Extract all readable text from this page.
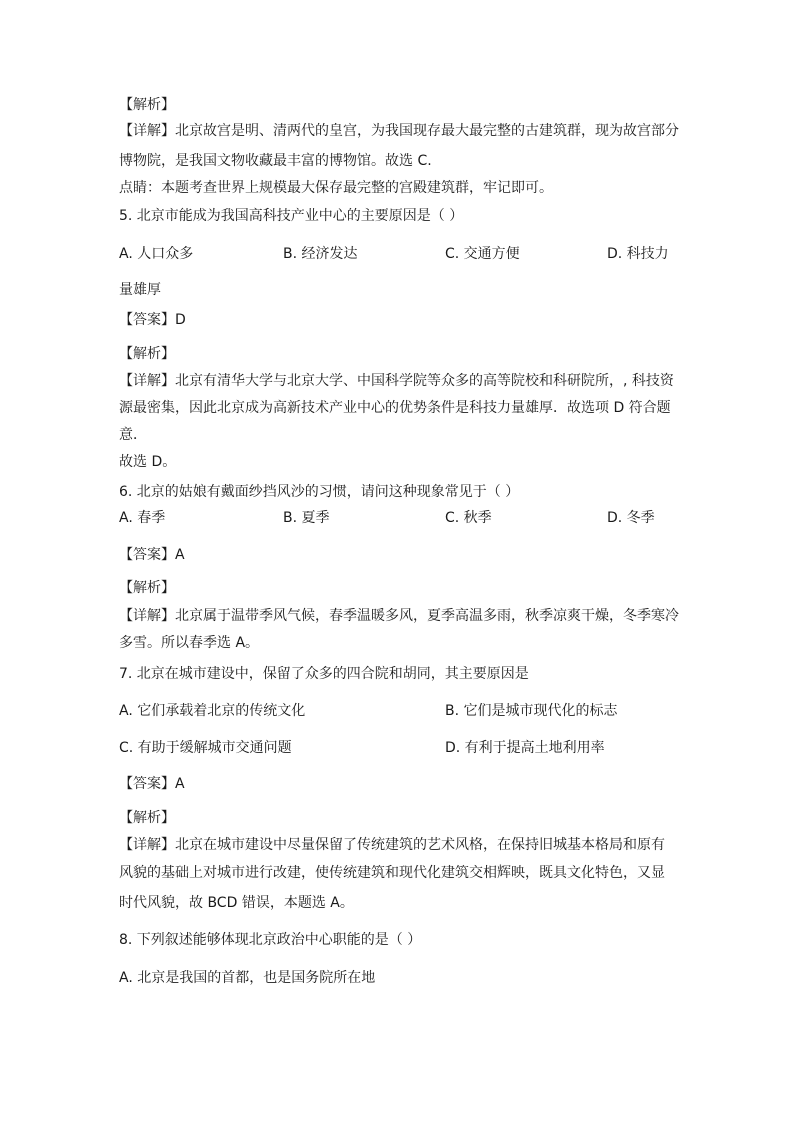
【解析】
【详解】北京故宫是明、清两代的皇宫，为我国现存最大最完整的古建筑群，现为故宫部分
博物院，是我国文物收藏最丰富的博物馆。故选 C.
点睛：本题考查世界上规模最大保存最完整的宫殿建筑群，牢记即可。
5. 北京市能成为我国高科技产业中心的主要原因是（ ）
A. 人口众多	B. 经济发达	C. 交通方便	D. 科技力
量雄厚
【答案】D
【解析】
【详解】北京有清华大学与北京大学、中国科学院等众多的高等院校和科研院所，, 科技资
源最密集，因此北京成为高新技术产业中心的优势条件是科技力量雄厚．故选项 D 符合题
意．
故选 D。
6. 北京的姑娘有戴面纱挡风沙的习惯，请问这种现象常见于（ ）
A. 春季	B. 夏季	C. 秋季	D. 冬季
【答案】A
【解析】
【详解】北京属于温带季风气候，春季温暖多风，夏季高温多雨，秋季凉爽干燥，冬季寒冷
多雪。所以春季选 A。
7. 北京在城市建设中，保留了众多的四合院和胡同，其主要原因是
A. 它们承载着北京的传统文化	B. 它们是城市现代化的标志
C. 有助于缓解城市交通问题	D. 有利于提高土地利用率
【答案】A
【解析】
【详解】北京在城市建设中尽量保留了传统建筑的艺术风格，在保持旧城基本格局和原有
风貌的基础上对城市进行改建，使传统建筑和现代化建筑交相辉映，既具文化特色，又显
时代风貌，故 BCD 错误，本题选 A。
8. 下列叙述能够体现北京政治中心职能的是（ ）
A. 北京是我国的首都，也是国务院所在地
